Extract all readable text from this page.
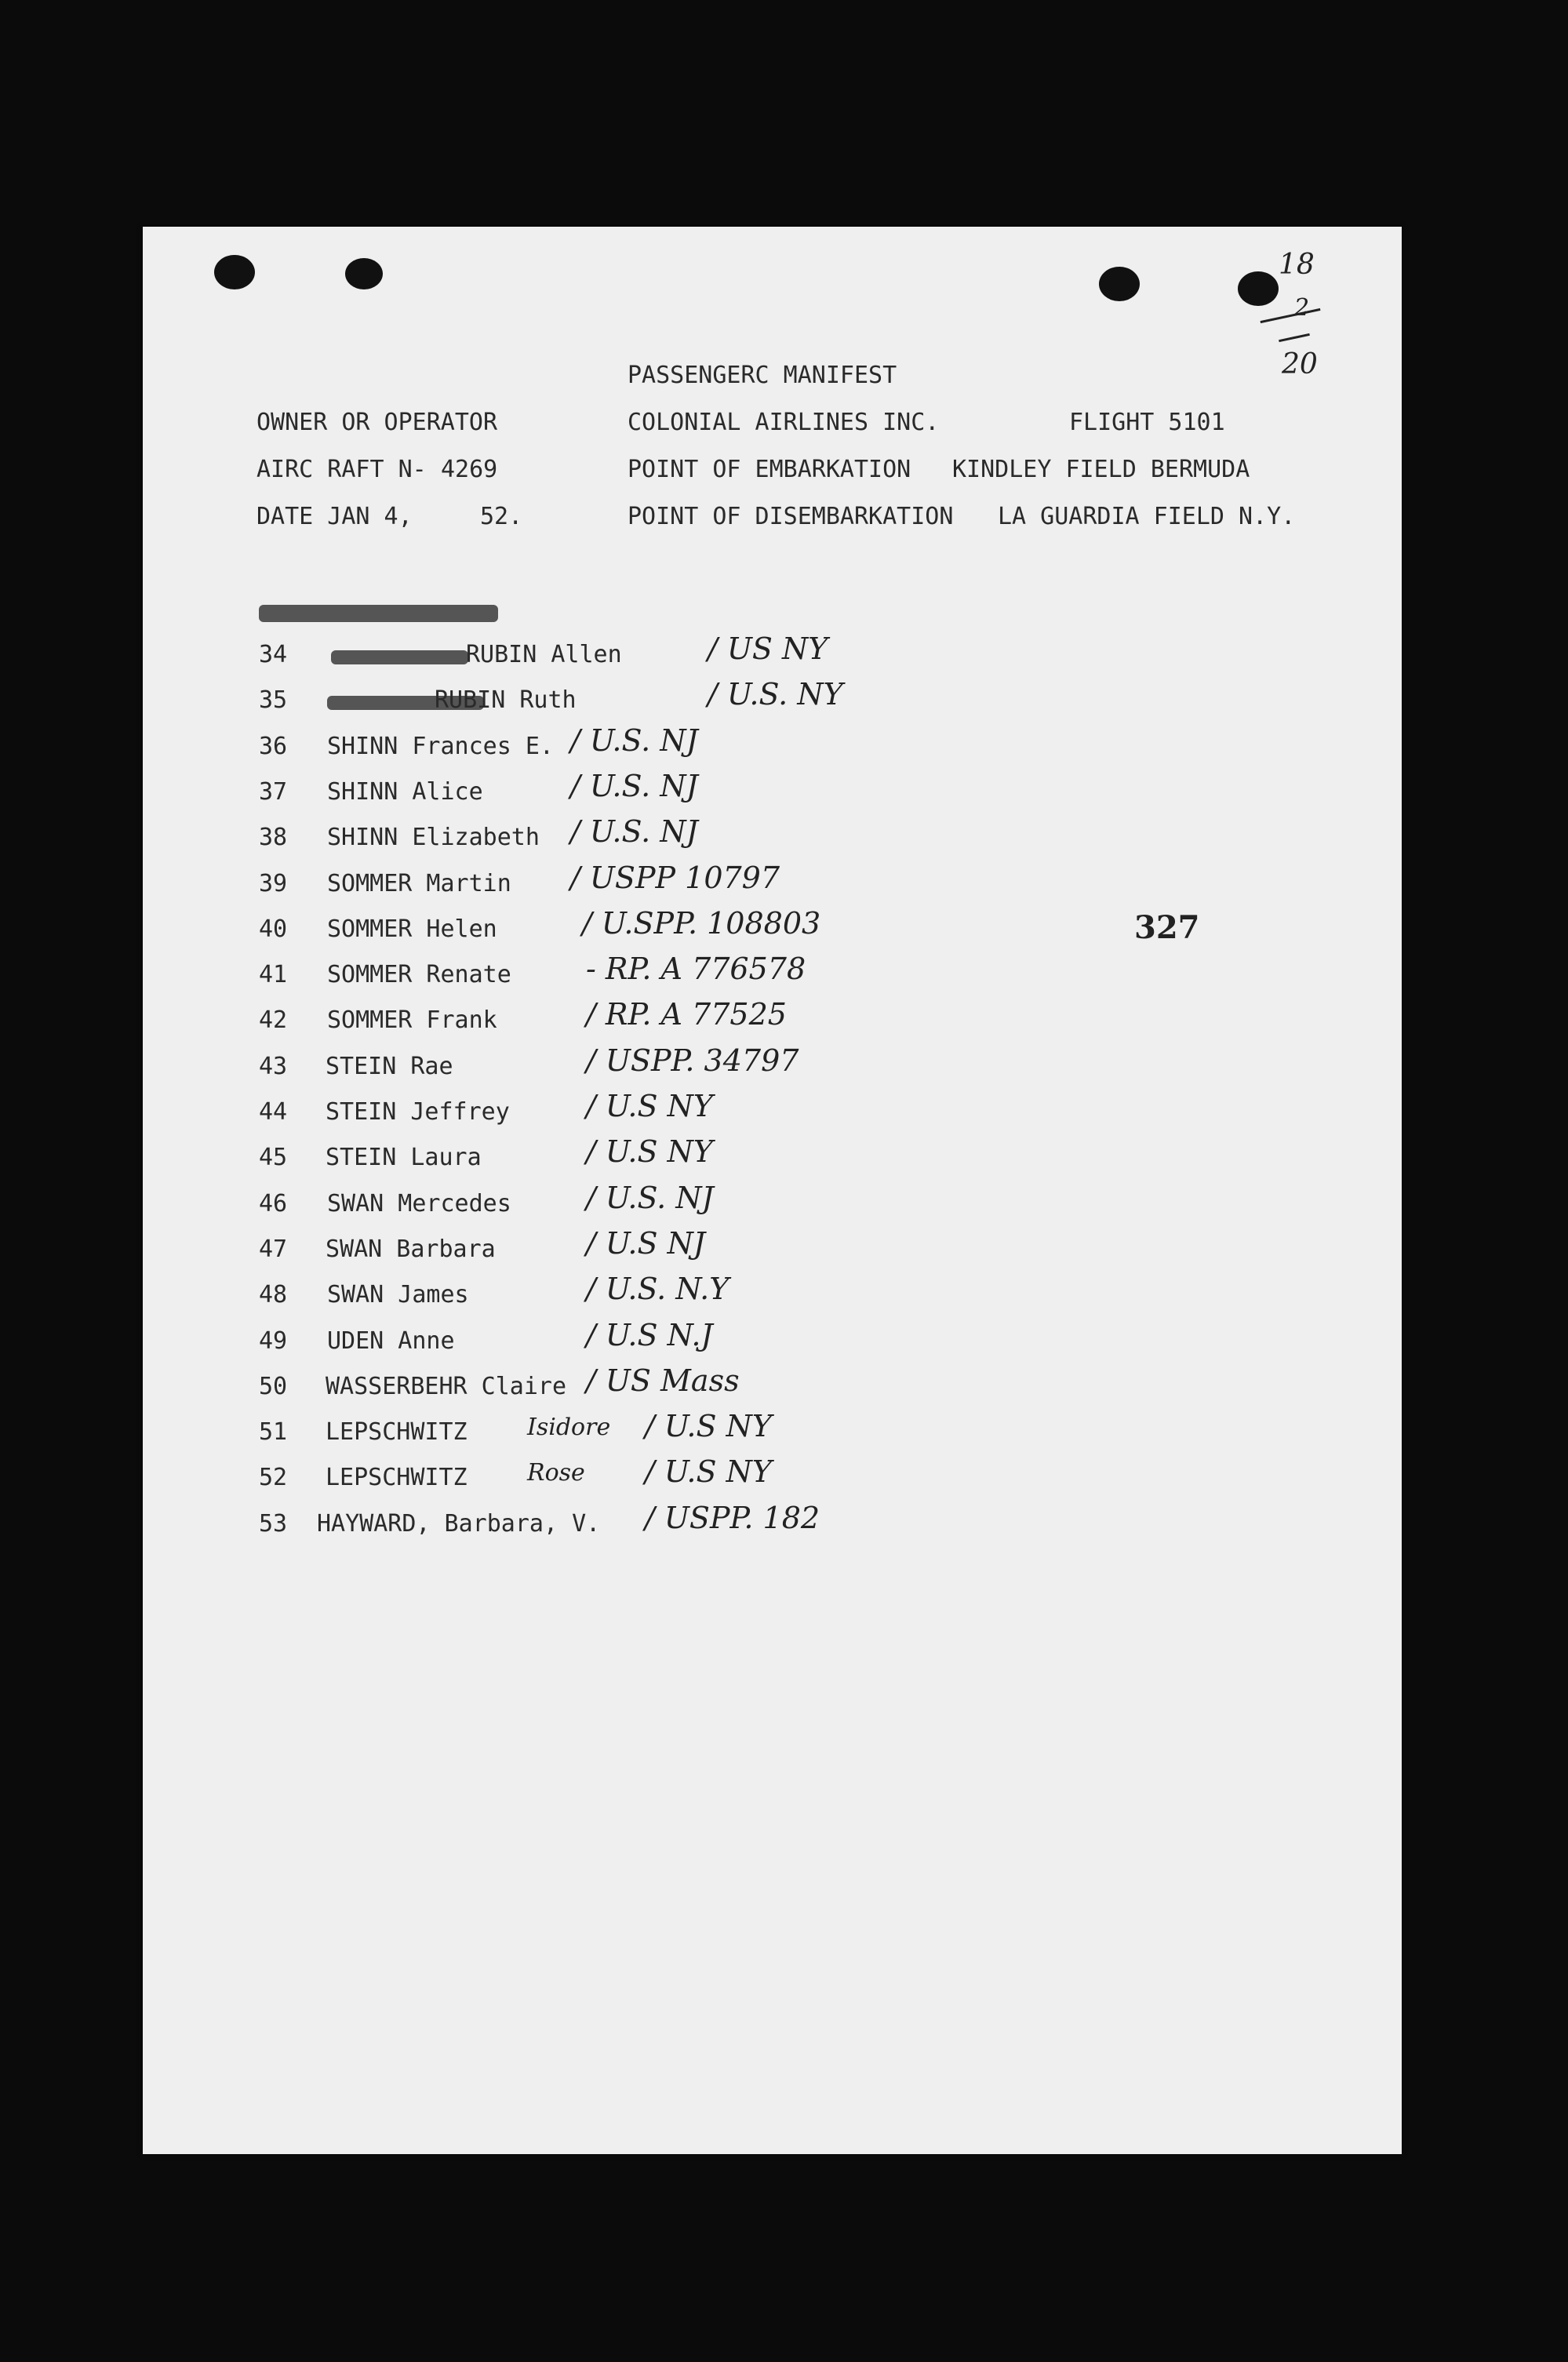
18
2
20
PASSENGERC MANIFEST
OWNER OR OPERATOR	COLONIAL AIRLINES INC.	FLIGHT 5101
AIRC RAFT N- 4269	POINT OF EMBARKATION KINDLEY FIELD BERMUDA
DATE JAN 4,	52.	POINT OF DISEMBARKATION LA GUARDIA FIELD N.Y.
327
34	RUBIN Allen	/ US NY
35	RUBIN Ruth	/ U.S. NY
36 SHINN Frances E. / U.S. NJ
37 SHINN Alice	/ U.S. NJ
38 SHINN Elizabeth / U.S. NJ
39 SOMMER Martin / USPP 10797
40 SOMMER Helen	/ U.SPP. 108803
41 SOMMER Renate	- RP. A 776578
42 SOMMER Frank	/ RP. A 77525
43 STEIN Rae	/ USPP. 34797
44 STEIN Jeffrey	/ U.S NY
45 STEIN Laura	/ U.S NY
46 SWAN Mercedes	/ U.S. NJ
47 SWAN Barbara	/ U.S NJ
48 SWAN James	/ U.S. N.Y
49 UDEN Anne	/ U.S N.J
50 WASSERBEHR Claire / US Mass
51 LEPSCHWITZ	Isidore / U.S NY
52 LEPSCHWITZ	Rose / U.S NY
53 HAYWARD, Barbara, V. / USPP. 182
